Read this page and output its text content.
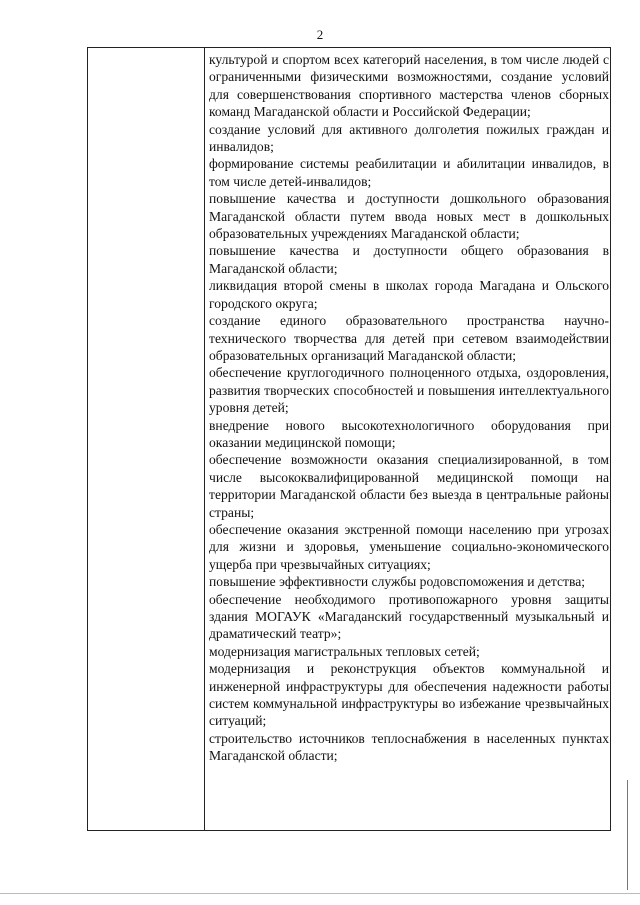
2
культурой и спортом всех категорий населения, в том числе людей с ограниченными физическими возможностями, создание условий для совершенствования спортивного мастерства членов сборных команд Магаданской области и Российской Федерации;
создание условий для активного долголетия пожилых граждан и инвалидов;
формирование системы реабилитации и абилитации инвалидов, в том числе детей-инвалидов;
повышение качества и доступности дошкольного образования Магаданской области путем ввода новых мест в дошкольных образовательных учреждениях Магаданской области;
повышение качества и доступности общего образования в Магаданской области;
ликвидация второй смены в школах города Магадана и Ольского городского округа;
создание единого образовательного пространства научно-технического творчества для детей при сетевом взаимодействии образовательных организаций Магаданской области;
обеспечение круглогодичного полноценного отдыха, оздоровления, развития творческих способностей и повышения интеллектуального уровня детей;
внедрение нового высокотехнологичного оборудования при оказании медицинской помощи;
обеспечение возможности оказания специализированной, в том числе высококвалифицированной медицинской помощи на территории Магаданской области без выезда в центральные районы страны;
обеспечение оказания экстренной помощи населению при угрозах для жизни и здоровья, уменьшение социально-экономического ущерба при чрезвычайных ситуациях;
повышение эффективности службы родовспоможения и детства;
обеспечение необходимого противопожарного уровня защиты здания МОГАУК «Магаданский государственный музыкальный и драматический театр»;
модернизация магистральных тепловых сетей;
модернизация и реконструкция объектов коммунальной и инженерной инфраструктуры для обеспечения надежности работы систем коммунальной инфраструктуры во избежание чрезвычайных ситуаций;
строительство источников теплоснабжения в населенных пунктах Магаданской области;
